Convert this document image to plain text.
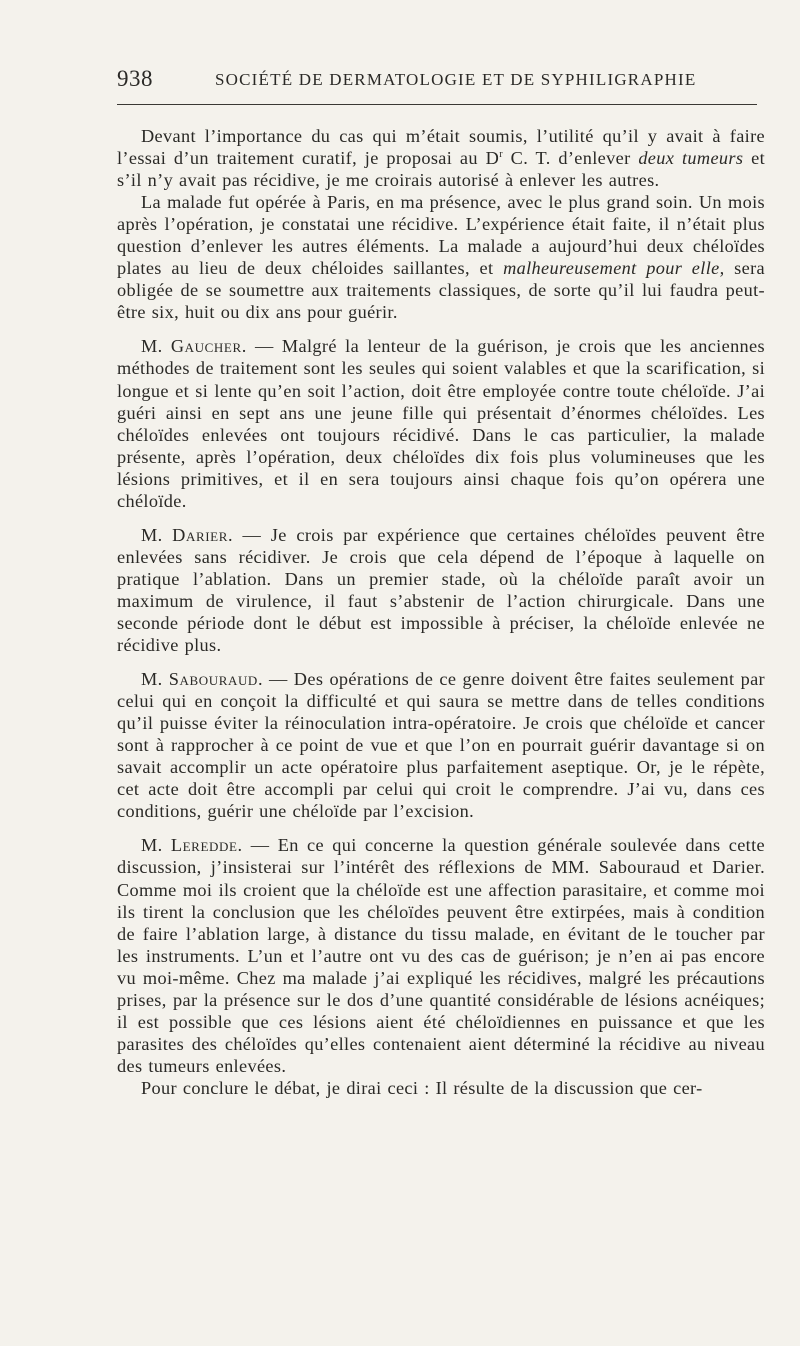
938	SOCIÉTÉ DE DERMATOLOGIE ET DE SYPHILIGRAPHIE

Devant l’importance du cas qui m’était soumis, l’utilité qu’il y avait à faire l’essai d’un traitement curatif, je proposai au $D^r$ C. T. d’enlever deux tumeurs et s’il n’y avait pas récidive, je me croirais autorisé à enlever les autres.

La malade fut opérée à Paris, en ma présence, avec le plus grand soin. Un mois après l’opération, je constatai une récidive. L’expérience était faite, il n’était plus question d’enlever les autres éléments. La malade a aujourd’hui deux chéloïdes plates au lieu de deux chéloides saillantes, et malheureusement pour elle, sera obligée de se soumettre aux traitements classiques, de sorte qu’il lui faudra peut-être six, huit ou dix ans pour guérir.

M. Gaucher. — Malgré la lenteur de la guérison, je crois que les anciennes méthodes de traitement sont les seules qui soient valables et que la scarification, si longue et si lente qu’en soit l’action, doit être employée contre toute chéloïde. J’ai guéri ainsi en sept ans une jeune fille qui présentait d’énormes chéloïdes. Les chéloïdes enlevées ont toujours récidivé. Dans le cas particulier, la malade présente, après l’opération, deux chéloïdes dix fois plus volumineuses que les lésions primitives, et il en sera toujours ainsi chaque fois qu’on opérera une chéloïde.

M. Darier. — Je crois par expérience que certaines chéloïdes peuvent être enlevées sans récidiver. Je crois que cela dépend de l’époque à laquelle on pratique l’ablation. Dans un premier stade, où la chéloïde paraît avoir un maximum de virulence, il faut s’abstenir de l’action chirurgicale. Dans une seconde période dont le début est impossible à préciser, la chéloïde enlevée ne récidive plus.

M. Sabouraud. — Des opérations de ce genre doivent être faites seulement par celui qui en conçoit la difficulté et qui saura se mettre dans de telles conditions qu’il puisse éviter la réinoculation intra-opératoire. Je crois que chéloïde et cancer sont à rapprocher à ce point de vue et que l’on en pourrait guérir davantage si on savait accomplir un acte opératoire plus parfaitement aseptique. Or, je le répète, cet acte doit être accompli par celui qui croit le comprendre. J’ai vu, dans ces conditions, guérir une chéloïde par l’excision.

M. Leredde. — En ce qui concerne la question générale soulevée dans cette discussion, j’insisterai sur l’intérêt des réflexions de MM. Sabouraud et Darier. Comme moi ils croient que la chéloïde est une affection parasitaire, et comme moi ils tirent la conclusion que les chéloïdes peuvent être extirpées, mais à condition de faire l’ablation large, à distance du tissu malade, en évitant de le toucher par les instruments. L’un et l’autre ont vu des cas de guérison; je n’en ai pas encore vu moi-même. Chez ma malade j’ai expliqué les récidives, malgré les précautions prises, par la présence sur le dos d’une quantité considérable de lésions acnéiques; il est possible que ces lésions aient été chéloïdiennes en puissance et que les parasites des chéloïdes qu’elles contenaient aient déterminé la récidive au niveau des tumeurs enlevées.

Pour conclure le débat, je dirai ceci : Il résulte de la discussion que cer-
